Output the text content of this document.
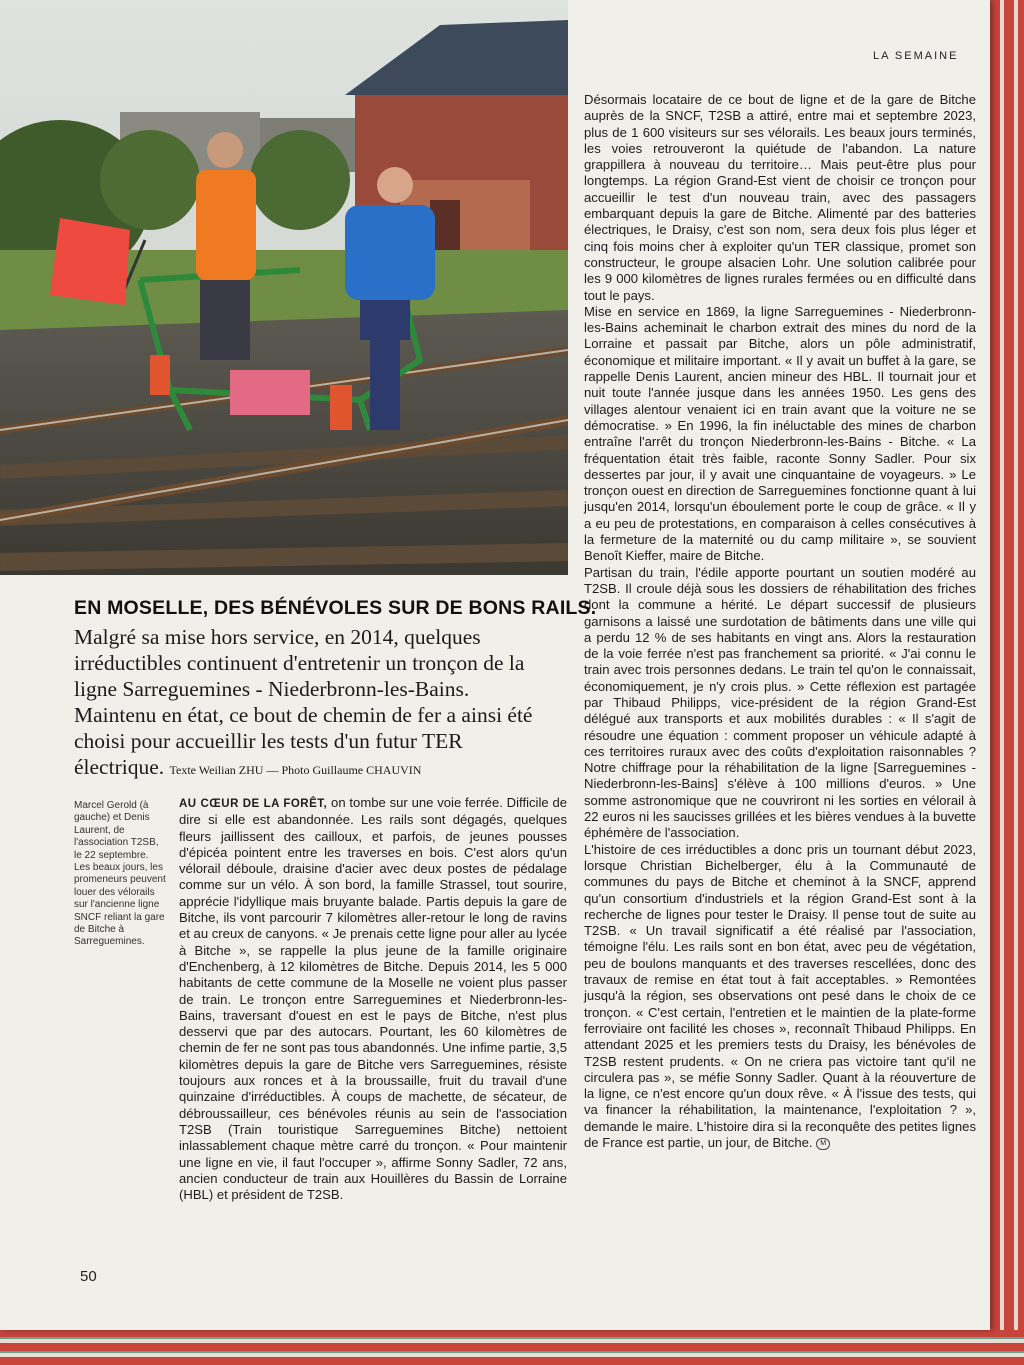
LA SEMAINE

Désormais locataire de ce bout de ligne et de la gare de Bitche auprès de la SNCF, T2SB a attiré, entre mai et septembre 2023, plus de 1 600 visiteurs sur ses vélorails. Les beaux jours terminés, les voies retrouveront la quiétude de l'abandon. La nature grappillera à nouveau du territoire… Mais peut-être plus pour longtemps. La région Grand-Est vient de choisir ce tronçon pour accueillir le test d'un nouveau train, avec des passagers embarquant depuis la gare de Bitche. Alimenté par des batteries électriques, le Draisy, c'est son nom, sera deux fois plus léger et cinq fois moins cher à exploiter qu'un TER classique, promet son constructeur, le groupe alsacien Lohr. Une solution calibrée pour les 9 000 kilomètres de lignes rurales fermées ou en difficulté dans tout le pays.

Mise en service en 1869, la ligne Sarreguemines - Niederbronn-les-Bains acheminait le charbon extrait des mines du nord de la Lorraine et passait par Bitche, alors un pôle administratif, économique et militaire important. « Il y avait un buffet à la gare, se rappelle Denis Laurent, ancien mineur des HBL. Il tournait jour et nuit toute l'année jusque dans les années 1950. Les gens des villages alentour venaient ici en train avant que la voiture ne se démocratise. » En 1996, la fin inéluctable des mines de charbon entraîne l'arrêt du tronçon Niederbronn-les-Bains - Bitche. « La fréquentation était très faible, raconte Sonny Sadler. Pour six dessertes par jour, il y avait une cinquantaine de voyageurs. » Le tronçon ouest en direction de Sarreguemines fonctionne quant à lui jusqu'en 2014, lorsqu'un éboulement porte le coup de grâce. « Il y a eu peu de protestations, en comparaison à celles consécutives à la fermeture de la maternité ou du camp militaire », se souvient Benoît Kieffer, maire de Bitche.

Partisan du train, l'édile apporte pourtant un soutien modéré au T2SB. Il croule déjà sous les dossiers de réhabilitation des friches dont la commune a hérité. Le départ successif de plusieurs garnisons a laissé une surdotation de bâtiments dans une ville qui a perdu 12 % de ses habitants en vingt ans. Alors la restauration de la voie ferrée n'est pas franchement sa priorité. « J'ai connu le train avec trois personnes dedans. Le train tel qu'on le connaissait, économiquement, je n'y crois plus. » Cette réflexion est partagée par Thibaud Philipps, vice-président de la région Grand-Est délégué aux transports et aux mobilités durables : « Il s'agit de résoudre une équation : comment proposer un véhicule adapté à ces territoires ruraux avec des coûts d'exploitation raisonnables ? Notre chiffrage pour la réhabilitation de la ligne [Sarreguemines - Niederbronn-les-Bains] s'élève à 100 millions d'euros. » Une somme astronomique que ne couvriront ni les sorties en vélorail à 22 euros ni les saucisses grillées et les bières vendues à la buvette éphémère de l'association.

L'histoire de ces irréductibles a donc pris un tournant début 2023, lorsque Christian Bichelberger, élu à la Communauté de communes du pays de Bitche et cheminot à la SNCF, apprend qu'un consortium d'industriels et la région Grand-Est sont à la recherche de lignes pour tester le Draisy. Il pense tout de suite au T2SB. « Un travail significatif a été réalisé par l'association, témoigne l'élu. Les rails sont en bon état, avec peu de végétation, peu de boulons manquants et des traverses rescellées, donc des travaux de remise en état tout à fait acceptables. » Remontées jusqu'à la région, ses observations ont pesé dans le choix de ce tronçon. « C'est certain, l'entretien et le maintien de la plate-forme ferroviaire ont facilité les choses », reconnaît Thibaud Philipps. En attendant 2025 et les premiers tests du Draisy, les bénévoles de T2SB restent prudents. « On ne criera pas victoire tant qu'il ne circulera pas », se méfie Sonny Sadler. Quant à la réouverture de la ligne, ce n'est encore qu'un doux rêve. « À l'issue des tests, qui va financer la réhabilitation, la maintenance, l'exploitation ? », demande le maire. L'histoire dira si la reconquête des petites lignes de France est partie, un jour, de Bitche. M

EN MOSELLE, DES BÉNÉVOLES SUR DE BONS RAILS.
Malgré sa mise hors service, en 2014, quelques irréductibles continuent d'entretenir un tronçon de la ligne Sarreguemines - Niederbronn-les-Bains. Maintenu en état, ce bout de chemin de fer a ainsi été choisi pour accueillir les tests d'un futur TER électrique. Texte Weilian ZHU — Photo Guillaume CHAUVIN
Marcel Gerold (à gauche) et Denis Laurent, de l'association T2SB, le 22 septembre. Les beaux jours, les promeneurs peuvent louer des vélorails sur l'ancienne ligne SNCF reliant la gare de Bitche à Sarreguemines.

AU CŒUR DE LA FORÊT, on tombe sur une voie ferrée. Difficile de dire si elle est abandonnée. Les rails sont dégagés, quelques fleurs jaillissent des cailloux, et parfois, de jeunes pousses d'épicéa pointent entre les traverses en bois. C'est alors qu'un vélorail déboule, draisine d'acier avec deux postes de pédalage comme sur un vélo. À son bord, la famille Strassel, tout sourire, apprécie l'idyllique mais bruyante balade. Partis depuis la gare de Bitche, ils vont parcourir 7 kilomètres aller-retour le long de ravins et au creux de canyons. « Je prenais cette ligne pour aller au lycée à Bitche », se rappelle la plus jeune de la famille originaire d'Enchenberg, à 12 kilomètres de Bitche. Depuis 2014, les 5 000 habitants de cette commune de la Moselle ne voient plus passer de train. Le tronçon entre Sarreguemines et Niederbronn-les-Bains, traversant d'ouest en est le pays de Bitche, n'est plus desservi que par des autocars. Pourtant, les 60 kilomètres de chemin de fer ne sont pas tous abandonnés. Une infime partie, 3,5 kilomètres depuis la gare de Bitche vers Sarreguemines, résiste toujours aux ronces et à la broussaille, fruit du travail d'une quinzaine d'irréductibles. À coups de machette, de sécateur, de débroussailleur, ces bénévoles réunis au sein de l'association T2SB (Train touristique Sarreguemines Bitche) nettoient inlassablement chaque mètre carré du tronçon. « Pour maintenir une ligne en vie, il faut l'occuper », affirme Sonny Sadler, 72 ans, ancien conducteur de train aux Houillères du Bassin de Lorraine (HBL) et président de T2SB.

50
